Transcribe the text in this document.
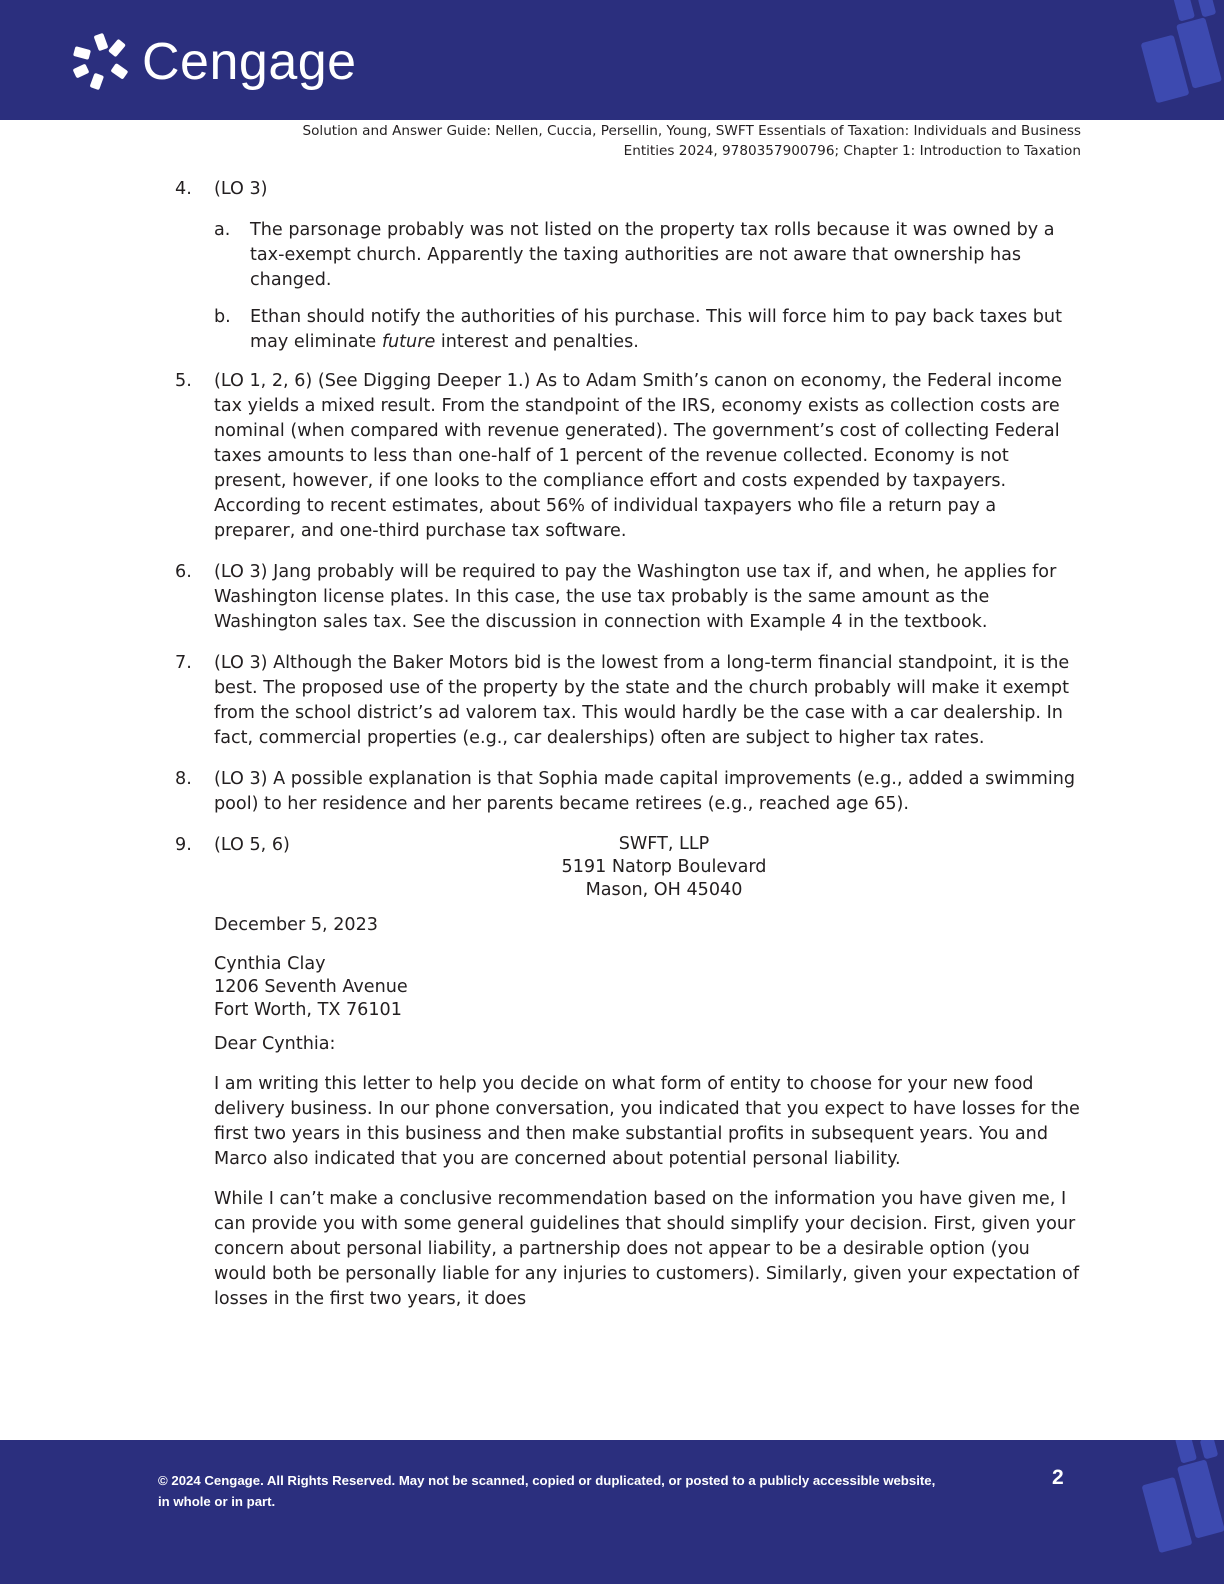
Cengage
Solution and Answer Guide: Nellen, Cuccia, Persellin, Young, SWFT Essentials of Taxation: Individuals and Business
Entities 2024, 9780357900796; Chapter 1: Introduction to Taxation
4. (LO 3)
a. The parsonage probably was not listed on the property tax rolls because it was owned by a tax-exempt church. Apparently the taxing authorities are not aware that ownership has changed.
b. Ethan should notify the authorities of his purchase. This will force him to pay back taxes but may eliminate future interest and penalties.
5. (LO 1, 2, 6) (See Digging Deeper 1.) As to Adam Smith’s canon on economy, the Federal income tax yields a mixed result. From the standpoint of the IRS, economy exists as collection costs are nominal (when compared with revenue generated). The government’s cost of collecting Federal taxes amounts to less than one-half of 1 percent of the revenue collected. Economy is not present, however, if one looks to the compliance effort and costs expended by taxpayers. According to recent estimates, about 56% of individual taxpayers who file a return pay a preparer, and one-third purchase tax software.
6. (LO 3) Jang probably will be required to pay the Washington use tax if, and when, he applies for Washington license plates. In this case, the use tax probably is the same amount as the Washington sales tax. See the discussion in connection with Example 4 in the textbook.
7. (LO 3) Although the Baker Motors bid is the lowest from a long-term financial standpoint, it is the best. The proposed use of the property by the state and the church probably will make it exempt from the school district’s ad valorem tax. This would hardly be the case with a car dealership. In fact, commercial properties (e.g., car dealerships) often are subject to higher tax rates.
8. (LO 3) A possible explanation is that Sophia made capital improvements (e.g., added a swimming pool) to her residence and her parents became retirees (e.g., reached age 65).
9. (LO 5, 6)	SWFT, LLP
5191 Natorp Boulevard
Mason, OH 45040
December 5, 2023
Cynthia Clay
1206 Seventh Avenue
Fort Worth, TX 76101
Dear Cynthia:
I am writing this letter to help you decide on what form of entity to choose for your new food delivery business. In our phone conversation, you indicated that you expect to have losses for the first two years in this business and then make substantial profits in subsequent years. You and Marco also indicated that you are concerned about potential personal liability.
While I can’t make a conclusive recommendation based on the information you have given me, I can provide you with some general guidelines that should simplify your decision. First, given your concern about personal liability, a partnership does not appear to be a desirable option (you would both be personally liable for any injuries to customers). Similarly, given your expectation of losses in the first two years, it does
© 2024 Cengage. All Rights Reserved. May not be scanned, copied or duplicated, or posted to a publicly accessible website, in whole or in part.
2
